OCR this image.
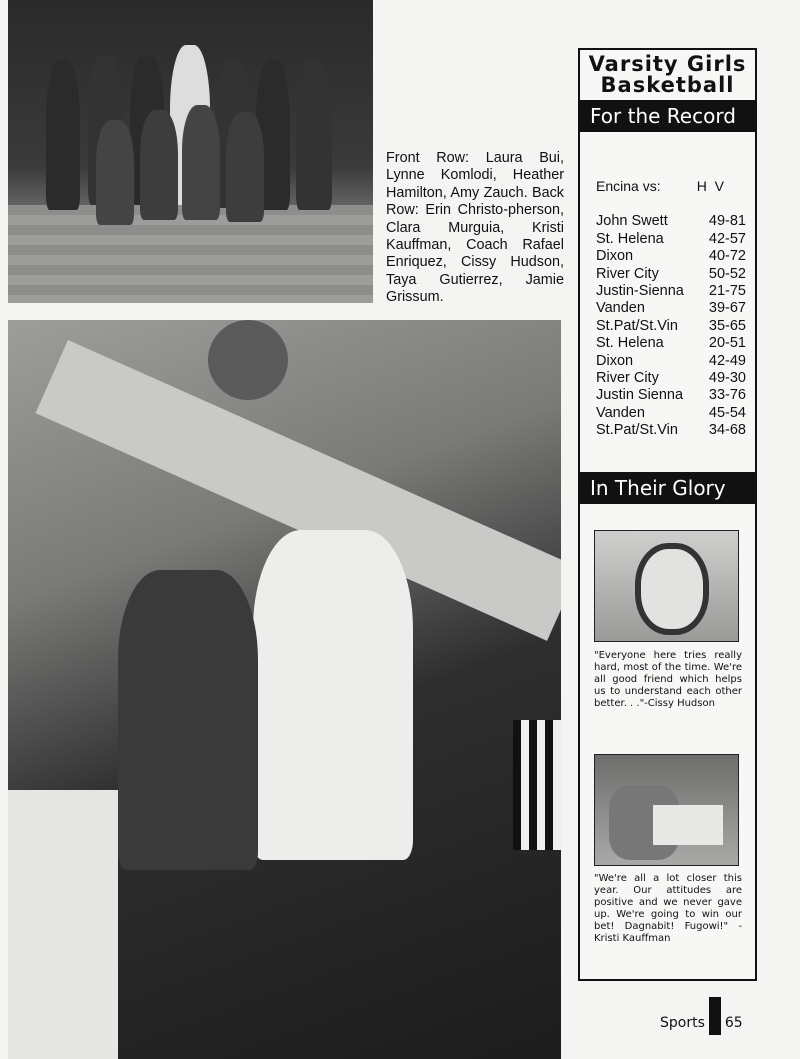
Front Row: Laura Bui, Lynne Komlodi, Heather Hamilton, Amy Zauch. Back Row: Erin Christo-pherson, Clara Murguia, Kristi Kauffman, Coach Rafael Enriquez, Cissy Hudson, Taya Gutierrez, Jamie Grissum.
Varsity Girls
Basketball
For the Record
Encina vs:	H  V
John Swett	49-81
St. Helena	42-57
Dixon	40-72
River City	50-52
Justin-Sienna 21-75
Vanden	39-67
St.Pat/St.Vin 35-65
St. Helena	20-51
Dixon	42-49
River City	49-30
Justin Sienna 33-76
Vanden	45-54
St.Pat/St.Vin 34-68
In Their Glory
"Everyone here tries really hard, most of the time. We're all good friend which helps us to understand each other better. . ."-Cissy Hudson
"We're all a lot closer this year. Our attitudes are positive and we never gave up. We're going to win our bet! Dagnabit! Fugowi!" -Kristi Kauffman
Sports 65
